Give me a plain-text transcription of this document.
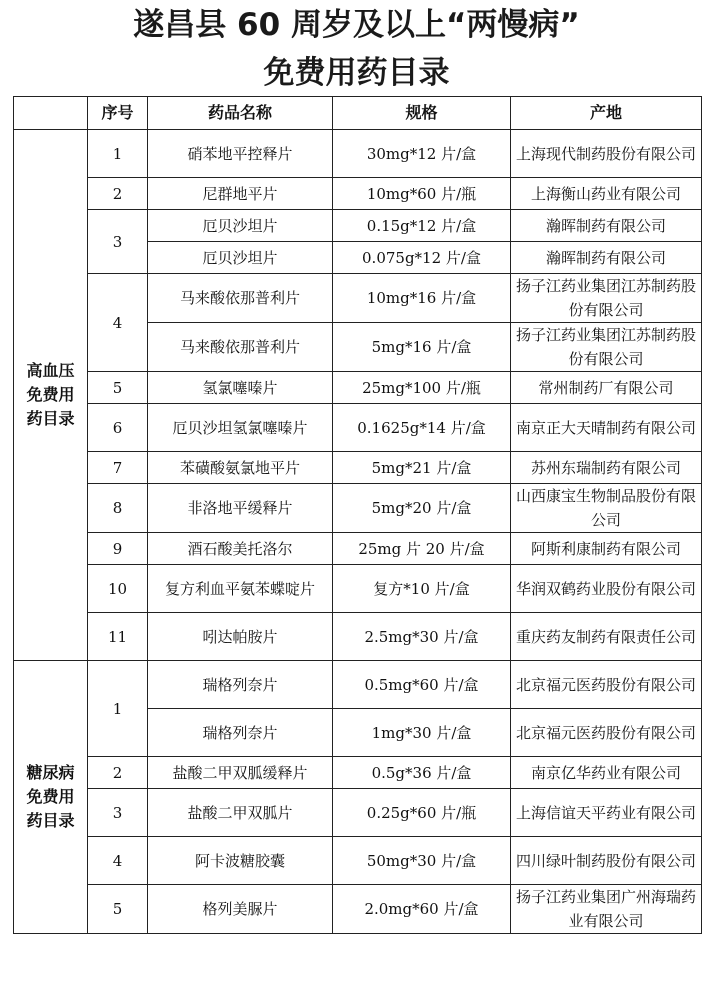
遂昌县 60 周岁及以上“两慢病”
免费用药目录
	序号	药品名称	规格	产地
高血压免费用药目录	1	硝苯地平控释片	30mg*12 片/盒	上海现代制药股份有限公司
	2	尼群地平片	10mg*60 片/瓶	上海衡山药业有限公司
	3	厄贝沙坦片	0.15g*12 片/盒	瀚晖制药有限公司
		厄贝沙坦片	0.075g*12 片/盒	瀚晖制药有限公司
	4	马来酸依那普利片	10mg*16 片/盒	扬子江药业集团江苏制药股份有限公司
		马来酸依那普利片	5mg*16 片/盒	扬子江药业集团江苏制药股份有限公司
	5	氢氯噻嗪片	25mg*100 片/瓶	常州制药厂有限公司
	6	厄贝沙坦氢氯噻嗪片	0.1625g*14 片/盒	南京正大天晴制药有限公司
	7	苯磺酸氨氯地平片	5mg*21 片/盒	苏州东瑞制药有限公司
	8	非洛地平缓释片	5mg*20 片/盒	山西康宝生物制品股份有限公司
	9	酒石酸美托洛尔	25mg 片 20 片/盒	阿斯利康制药有限公司
	10	复方利血平氨苯蝶啶片	复方*10 片/盒	华润双鹤药业股份有限公司
	11	吲达帕胺片	2.5mg*30 片/盒	重庆药友制药有限责任公司
糖尿病免费用药目录	1	瑞格列奈片	0.5mg*60 片/盒	北京福元医药股份有限公司
		瑞格列奈片	1mg*30 片/盒	北京福元医药股份有限公司
	2	盐酸二甲双胍缓释片	0.5g*36 片/盒	南京亿华药业有限公司
	3	盐酸二甲双胍片	0.25g*60 片/瓶	上海信谊天平药业有限公司
	4	阿卡波糖胶囊	50mg*30 片/盒	四川绿叶制药股份有限公司
	5	格列美脲片	2.0mg*60 片/盒	扬子江药业集团广州海瑞药业有限公司
